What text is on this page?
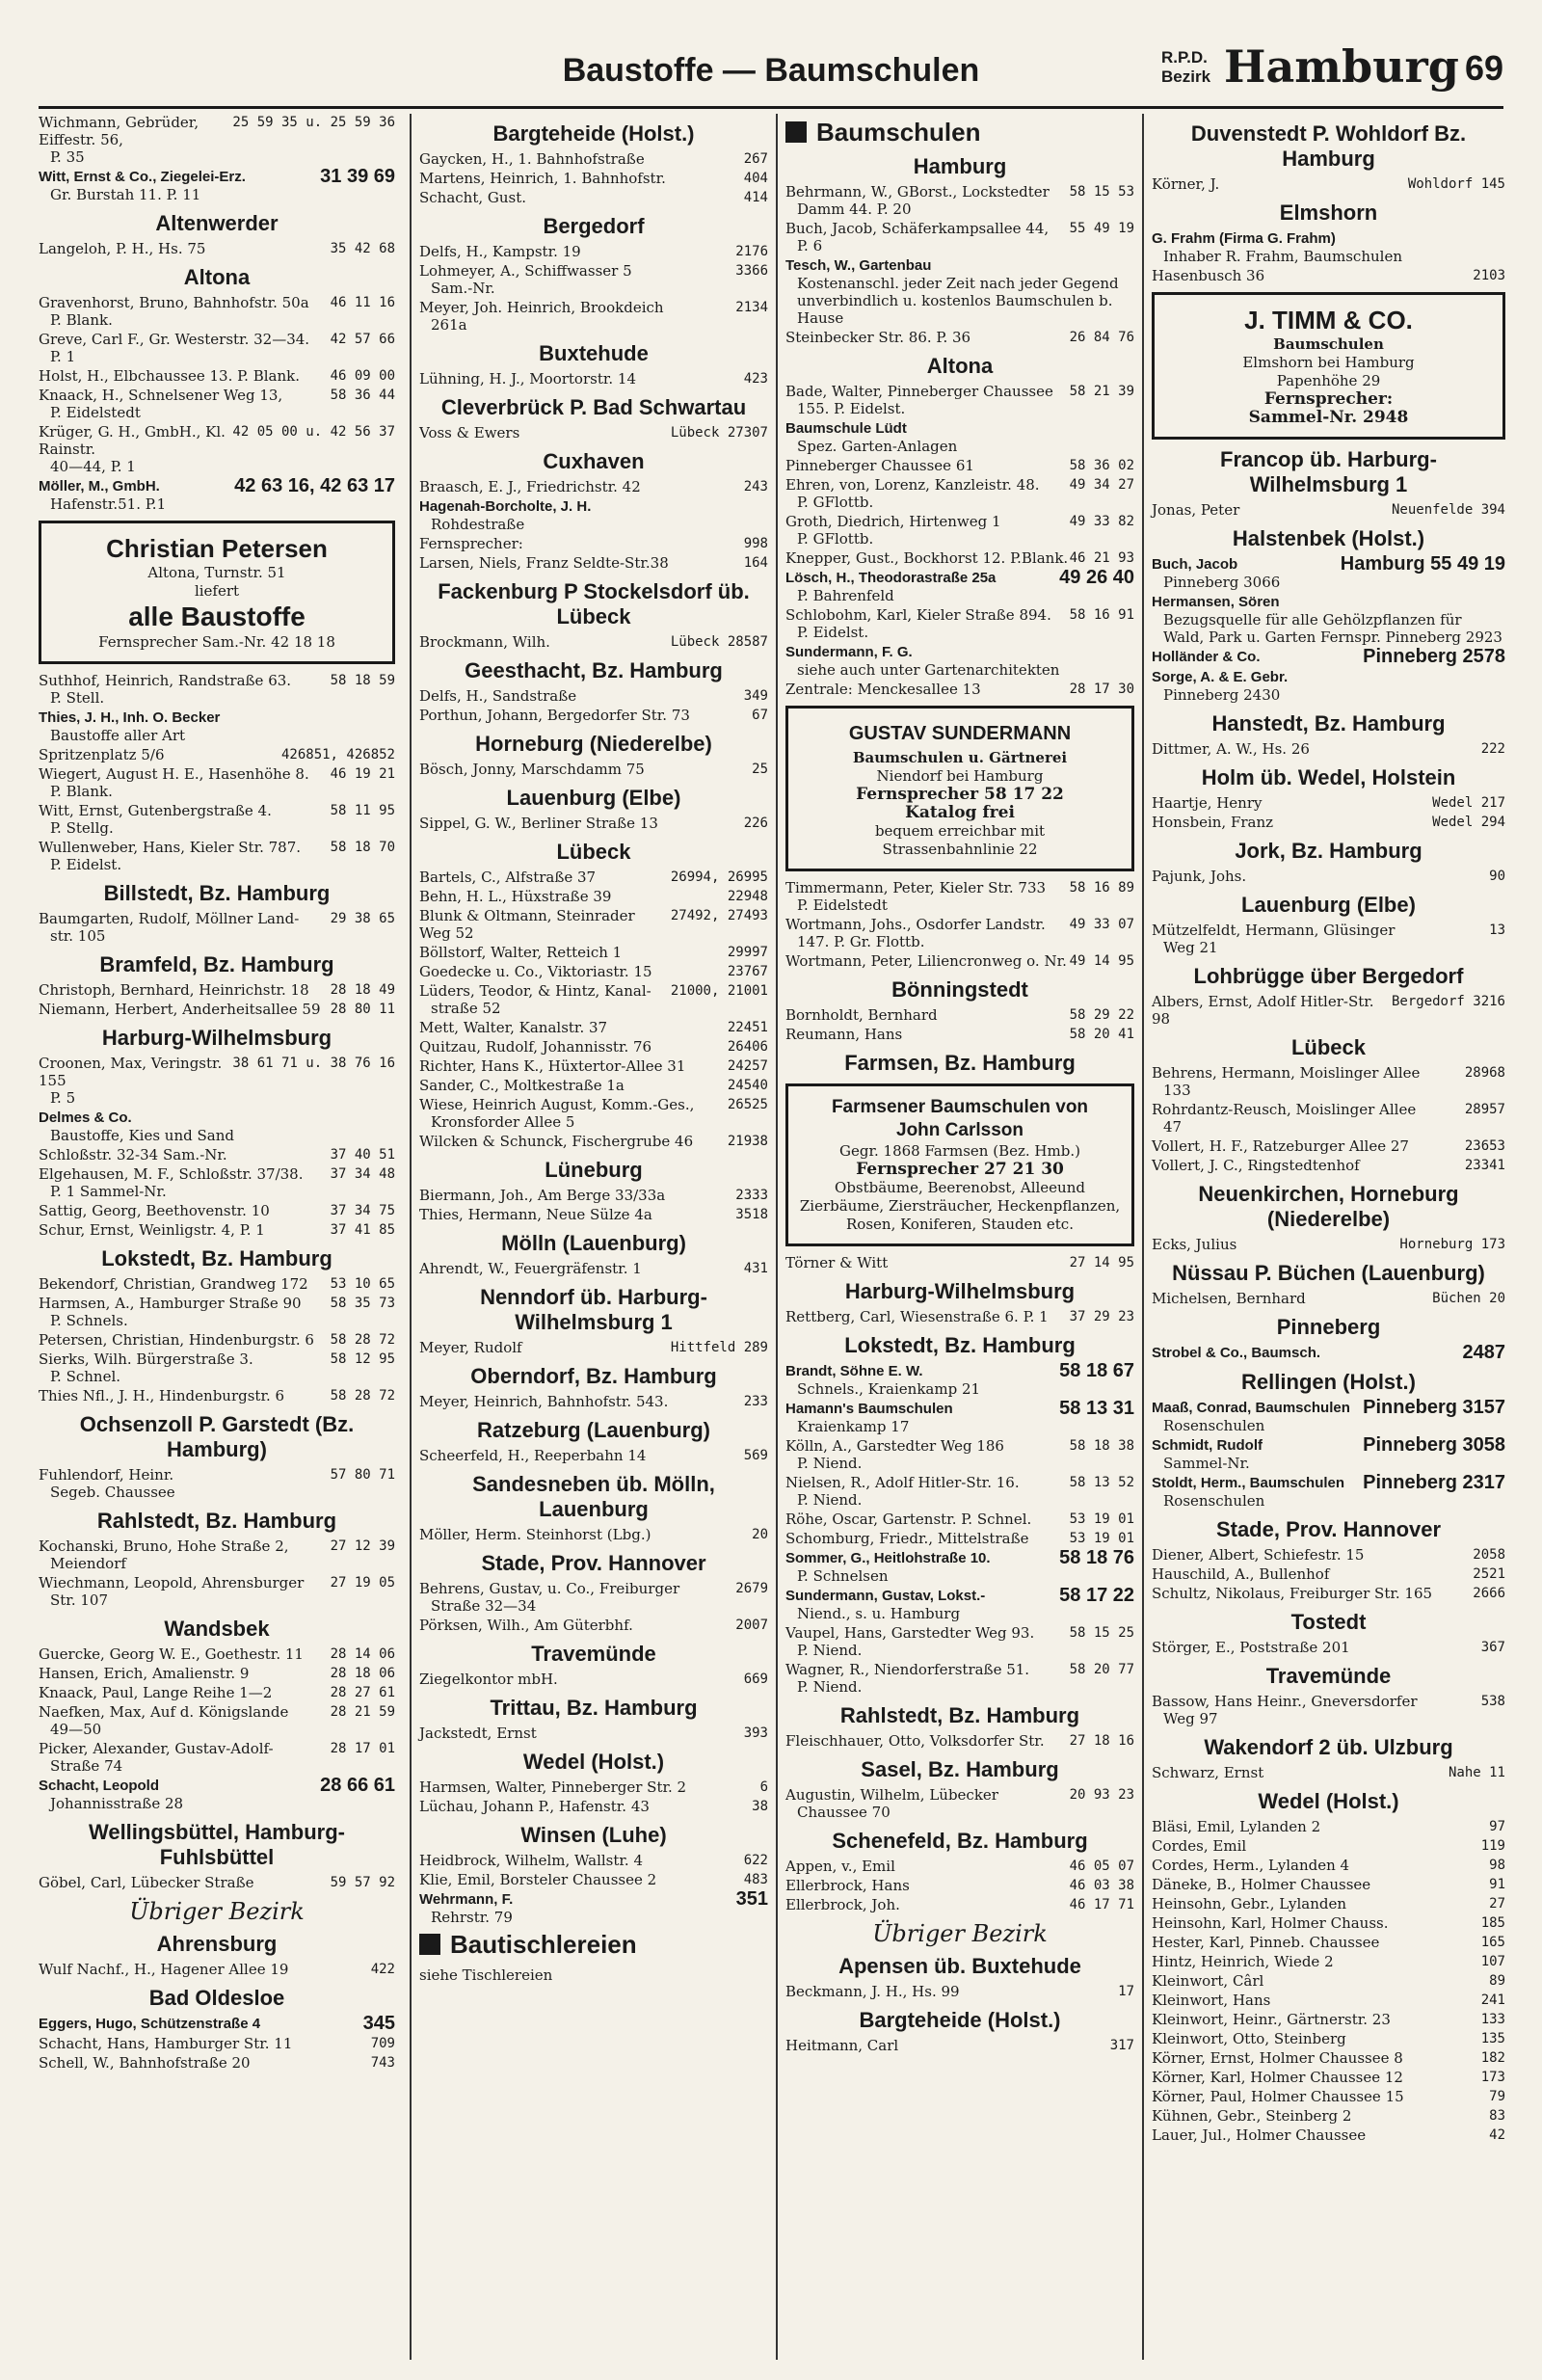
Baustoffe — Baumschulen	R.P.D.
Bezirk Hamburg 69
25 59 35 u. 25 59 36
Wichmann, Gebrüder, Eiffestr. 56,
P. 35
31 39 69
Witt, Ernst & Co., Ziegelei-Erz.
Gr. Burstah 11. P. 11
Altenwerder
35 42 68
Langeloh, P. H., Hs. 75
Altona
46 11 16
Gravenhorst, Bruno, Bahnhofstr. 50a
P. Blank.
42 57 66
Greve, Carl F., Gr. Westerstr. 32—34.
P. 1
46 09 00
Holst, H., Elbchaussee 13. P. Blank.
58 36 44
Knaack, H., Schnelsener Weg 13,
P. Eidelstedt
42 05 00 u. 42 56 37
Krüger, G. H., GmbH., Kl. Rainstr.
40—44, P. 1
42 63 16, 42 63 17
Möller, M., GmbH.
Hafenstr.51. P.1
Christian Petersen
Altona, Turnstr. 51
liefert
alle Baustoffe
Fernsprecher Sam.-Nr. 42 18 18
58 18 59
Suthhof, Heinrich, Randstraße 63.
P. Stell.
Thies, J. H., Inh. O. Becker
Baustoffe aller Art
426851, 426852
Spritzenplatz 5/6
46 19 21
Wiegert, August H. E., Hasenhöhe 8.
P. Blank.
58 11 95
Witt, Ernst, Gutenbergstraße 4.
P. Stellg.
58 18 70
Wullenweber, Hans, Kieler Str. 787.
P. Eidelst.
Billstedt, Bz. Hamburg
29 38 65
Baumgarten, Rudolf, Möllner Land-
str. 105
Bramfeld, Bz. Hamburg
28 18 49
Christoph, Bernhard, Heinrichstr. 18
28 80 11
Niemann, Herbert, Anderheitsallee 59
Harburg-Wilhelmsburg
38 61 71 u. 38 76 16
Croonen, Max, Veringstr. 155
P. 5
Delmes & Co.
Baustoffe, Kies und Sand
37 40 51
Schloßstr. 32-34 Sam.-Nr.
37 34 48
Elgehausen, M. F., Schloßstr. 37/38.
P. 1 Sammel-Nr.
37 34 75
Sattig, Georg, Beethovenstr. 10
37 41 85
Schur, Ernst, Weinligstr. 4, P. 1
Lokstedt, Bz. Hamburg
53 10 65
Bekendorf, Christian, Grandweg 172
58 35 73
Harmsen, A., Hamburger Straße 90
P. Schnels.
58 28 72
Petersen, Christian, Hindenburgstr. 6
58 12 95
Sierks, Wilh. Bürgerstraße 3.
P. Schnel.
58 28 72
Thies Nfl., J. H., Hindenburgstr. 6
Ochsenzoll P. Garstedt (Bz. Hamburg)
57 80 71
Fuhlendorf, Heinr.
Segeb. Chaussee
Rahlstedt, Bz. Hamburg
27 12 39
Kochanski, Bruno, Hohe Straße 2,
Meiendorf
27 19 05
Wiechmann, Leopold, Ahrensburger
Str. 107
Wandsbek
28 14 06
Guercke, Georg W. E., Goethestr. 11
28 18 06
Hansen, Erich, Amalienstr. 9
28 27 61
Knaack, Paul, Lange Reihe 1—2
28 21 59
Naefken, Max, Auf d. Königslande
49—50
28 17 01
Picker, Alexander, Gustav-Adolf-
Straße 74
28 66 61
Schacht, Leopold
Johannisstraße 28
Wellingsbüttel, Hamburg-Fuhlsbüttel
59 57 92
Göbel, Carl, Lübecker Straße
Übriger Bezirk
Ahrensburg
422
Wulf Nachf., H., Hagener Allee 19
Bad Oldesloe
345
Eggers, Hugo, Schützenstraße 4
709
Schacht, Hans, Hamburger Str. 11
743
Schell, W., Bahnhofstraße 20
Bargteheide (Holst.)
267
Gaycken, H., 1. Bahnhofstraße
404
Martens, Heinrich, 1. Bahnhofstr.
414
Schacht, Gust.
Bergedorf
2176
Delfs, H., Kampstr. 19
3366
Lohmeyer, A., Schiffwasser 5
Sam.-Nr.
2134
Meyer, Joh. Heinrich, Brookdeich
261a
Buxtehude
423
Lühning, H. J., Moortorstr. 14
Cleverbrück P. Bad Schwartau
Lübeck 27307
Voss & Ewers
Cuxhaven
243
Braasch, E. J., Friedrichstr. 42
Hagenah-Borcholte, J. H.
Rohdestraße
998
Fernsprecher:
164
Larsen, Niels, Franz Seldte-Str.38
Fackenburg P Stockelsdorf üb. Lübeck
Lübeck 28587
Brockmann, Wilh.
Geesthacht, Bz. Hamburg
349
Delfs, H., Sandstraße
67
Porthun, Johann, Bergedorfer Str. 73
Horneburg (Niederelbe)
25
Bösch, Jonny, Marschdamm 75
Lauenburg (Elbe)
226
Sippel, G. W., Berliner Straße 13
Lübeck
26994, 26995
Bartels, C., Alfstraße 37
22948
Behn, H. L., Hüxstraße 39
27492, 27493
Blunk & Oltmann, Steinrader Weg 52
29997
Böllstorf, Walter, Retteich 1
23767
Goedecke u. Co., Viktoriastr. 15
21000, 21001
Lüders, Teodor, & Hintz, Kanal-
straße 52
22451
Mett, Walter, Kanalstr. 37
26406
Quitzau, Rudolf, Johannisstr. 76
24257
Richter, Hans K., Hüxtertor-Allee 31
24540
Sander, C., Moltkestraße 1a
26525
Wiese, Heinrich August, Komm.-Ges.,
Kronsforder Allee 5
21938
Wilcken & Schunck, Fischergrube 46
Lüneburg
2333
Biermann, Joh., Am Berge 33/33a
3518
Thies, Hermann, Neue Sülze 4a
Mölln (Lauenburg)
431
Ahrendt, W., Feuergräfenstr. 1
Nenndorf üb. Harburg-Wilhelmsburg 1
Hittfeld 289
Meyer, Rudolf
Oberndorf, Bz. Hamburg
233
Meyer, Heinrich, Bahnhofstr. 543.
Ratzeburg (Lauenburg)
569
Scheerfeld, H., Reeperbahn 14
Sandesneben üb. Mölln, Lauenburg
20
Möller, Herm. Steinhorst (Lbg.)
Stade, Prov. Hannover
2679
Behrens, Gustav, u. Co., Freiburger
Straße 32—34
2007
Pörksen, Wilh., Am Güterbhf.
Travemünde
669
Ziegelkontor mbH.
Trittau, Bz. Hamburg
393
Jackstedt, Ernst
Wedel (Holst.)
6
Harmsen, Walter, Pinneberger Str. 2
38
Lüchau, Johann P., Hafenstr. 43
Winsen (Luhe)
622
Heidbrock, Wilhelm, Wallstr. 4
483
Klie, Emil, Borsteler Chaussee 2
351
Wehrmann, F.
Rehrstr. 79
Bautischlereien
siehe Tischlereien
Baumschulen
Hamburg
58 15 53
Behrmann, W., GBorst., Lockstedter
Damm 44. P. 20
55 49 19
Buch, Jacob, Schäferkampsallee 44,
P. 6
Tesch, W., Gartenbau
Kostenanschl. jeder Zeit nach jeder Gegend unverbindlich u. kostenlos Baumschulen b. Hause
26 84 76
Steinbecker Str. 86. P. 36
Altona
58 21 39
Bade, Walter, Pinneberger Chaussee
155. P. Eidelst.
Baumschule Lüdt
Spez. Garten-Anlagen
58 36 02
Pinneberger Chaussee 61
49 34 27
Ehren, von, Lorenz, Kanzleistr. 48.
P. GFlottb.
49 33 82
Groth, Diedrich, Hirtenweg 1
P. GFlottb.
46 21 93
Knepper, Gust., Bockhorst 12. P.Blank.
49 26 40
Lösch, H., Theodorastraße 25a
P. Bahrenfeld
58 16 91
Schlobohm, Karl, Kieler Straße 894.
P. Eidelst.
Sundermann, F. G.
siehe auch unter Gartenarchitekten
28 17 30
Zentrale: Menckesallee 13
GUSTAV SUNDERMANN
Baumschulen u. Gärtnerei
Niendorf bei Hamburg
Fernsprecher 58 17 22
Katalog frei
bequem erreichbar mit
Strassenbahnlinie 22
58 16 89
Timmermann, Peter, Kieler Str. 733
P. Eidelstedt
49 33 07
Wortmann, Johs., Osdorfer Landstr.
147. P. Gr. Flottb.
49 14 95
Wortmann, Peter, Liliencronweg o. Nr.
Bönningstedt
58 29 22
Bornholdt, Bernhard
58 20 41
Reumann, Hans
Farmsen, Bz. Hamburg
Farmsener Baumschulen von
John Carlsson
Gegr. 1868 Farmsen (Bez. Hmb.)
Fernsprecher 27 21 30
Obstbäume, Beerenobst, Alleeund Zierbäume, Ziersträucher, Heckenpflanzen, Rosen, Koniferen, Stauden etc.
27 14 95
Törner & Witt
Harburg-Wilhelmsburg
37 29 23
Rettberg, Carl, Wiesenstraße 6. P. 1
Lokstedt, Bz. Hamburg
58 18 67
Brandt, Söhne E. W.
Schnels., Kraienkamp 21
58 13 31
Hamann's Baumschulen
Kraienkamp 17
58 18 38
Kölln, A., Garstedter Weg 186
P. Niend.
58 13 52
Nielsen, R., Adolf Hitler-Str. 16.
P. Niend.
53 19 01
Röhe, Oscar, Gartenstr. P. Schnel.
53 19 01
Schomburg, Friedr., Mittelstraße
58 18 76
Sommer, G., Heitlohstraße 10.
P. Schnelsen
58 17 22
Sundermann, Gustav, Lokst.-
Niend., s. u. Hamburg
58 15 25
Vaupel, Hans, Garstedter Weg 93.
P. Niend.
58 20 77
Wagner, R., Niendorferstraße 51.
P. Niend.
Rahlstedt, Bz. Hamburg
27 18 16
Fleischhauer, Otto, Volksdorfer Str.
Sasel, Bz. Hamburg
20 93 23
Augustin, Wilhelm, Lübecker
Chaussee 70
Schenefeld, Bz. Hamburg
46 05 07
Appen, v., Emil
46 03 38
Ellerbrock, Hans
46 17 71
Ellerbrock, Joh.
Übriger Bezirk
Apensen üb. Buxtehude
17
Beckmann, J. H., Hs. 99
Bargteheide (Holst.)
317
Heitmann, Carl
Duvenstedt P. Wohldorf Bz. Hamburg
Wohldorf 145
Körner, J.
Elmshorn
G. Frahm (Firma G. Frahm)
Inhaber R. Frahm, Baumschulen
2103
Hasenbusch 36
J. TIMM & CO.
Baumschulen
Elmshorn bei Hamburg
Papenhöhe 29
Fernsprecher:
Sammel-Nr. 2948
Francop üb. Harburg-Wilhelmsburg 1
Neuenfelde 394
Jonas, Peter
Halstenbek (Holst.)
Hamburg 55 49 19
Buch, Jacob
Pinneberg 3066
Hermansen, Sören
Bezugsquelle für alle Gehölzpflanzen für Wald, Park u. Garten Fernspr. Pinneberg 2923
Pinneberg 2578
Holländer & Co.
Sorge, A. & E. Gebr.
Pinneberg 2430
Hanstedt, Bz. Hamburg
222
Dittmer, A. W., Hs. 26
Holm üb. Wedel, Holstein
Wedel 217
Haartje, Henry
Wedel 294
Honsbein, Franz
Jork, Bz. Hamburg
90
Pajunk, Johs.
Lauenburg (Elbe)
13
Mützelfeldt, Hermann, Glüsinger
Weg 21
Lohbrügge über Bergedorf
Bergedorf 3216
Albers, Ernst, Adolf Hitler-Str. 98
Lübeck
28968
Behrens, Hermann, Moislinger Allee
133
28957
Rohrdantz-Reusch, Moislinger Allee
47
23653
Vollert, H. F., Ratzeburger Allee 27
23341
Vollert, J. C., Ringstedtenhof
Neuenkirchen, Horneburg (Niederelbe)
Horneburg 173
Ecks, Julius
Nüssau P. Büchen (Lauenburg)
Büchen 20
Michelsen, Bernhard
Pinneberg
2487
Strobel & Co., Baumsch.
Rellingen (Holst.)
Pinneberg 3157
Maaß, Conrad, Baumschulen
Rosenschulen
Pinneberg 3058
Schmidt, Rudolf
Sammel-Nr.
Pinneberg 2317
Stoldt, Herm., Baumschulen
Rosenschulen
Stade, Prov. Hannover
2058
Diener, Albert, Schiefestr. 15
2521
Hauschild, A., Bullenhof
2666
Schultz, Nikolaus, Freiburger Str. 165
Tostedt
367
Störger, E., Poststraße 201
Travemünde
538
Bassow, Hans Heinr., Gneversdorfer
Weg 97
Wakendorf 2 üb. Ulzburg
Nahe 11
Schwarz, Ernst
Wedel (Holst.)
97
Bläsi, Emil, Lylanden 2
119
Cordes, Emil
98
Cordes, Herm., Lylanden 4
91
Däneke, B., Holmer Chaussee
27
Heinsohn, Gebr., Lylanden
185
Heinsohn, Karl, Holmer Chauss.
165
Hester, Karl, Pinneb. Chaussee
107
Hintz, Heinrich, Wiede 2
89
Kleinwort, Cârl
241
Kleinwort, Hans
133
Kleinwort, Heinr., Gärtnerstr. 23
135
Kleinwort, Otto, Steinberg
182
Körner, Ernst, Holmer Chaussee 8
173
Körner, Karl, Holmer Chaussee 12
79
Körner, Paul, Holmer Chaussee 15
83
Kühnen, Gebr., Steinberg 2
42
Lauer, Jul., Holmer Chaussee
